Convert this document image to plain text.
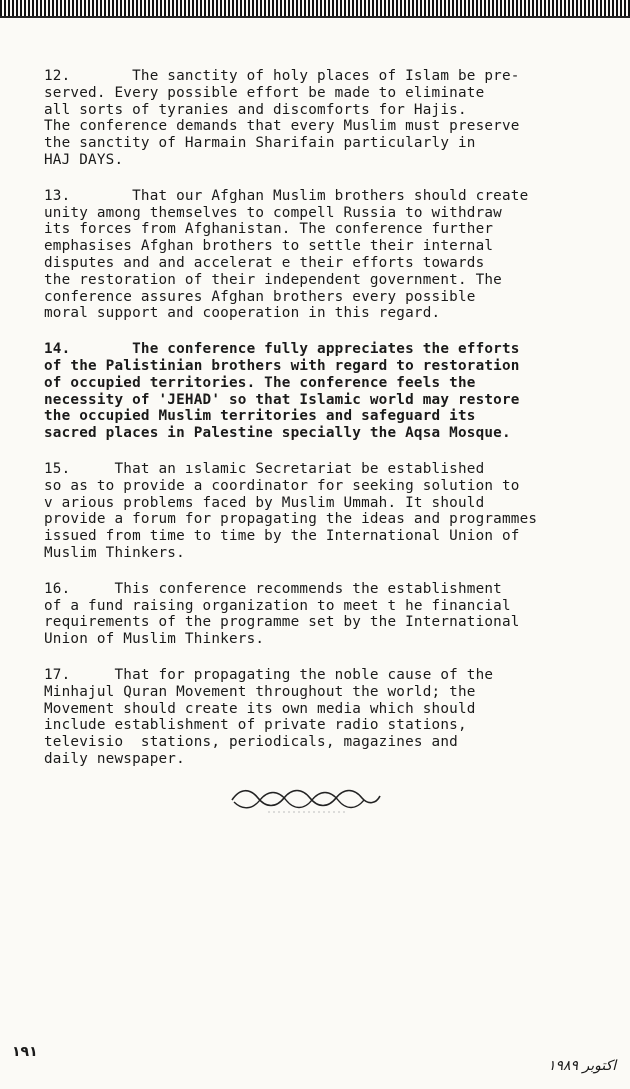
12.       The sanctity of holy places of Islam be pre-
served. Every possible effort be made to eliminate
all sorts of tyranies and discomforts for Hajis.
The conference demands that every Muslim must preserve
the sanctity of Harmain Sharifain particularly in
HAJ DAYS.
13.       That our Afghan Muslim brothers should create
unity among themselves to compell Russia to withdraw
its forces from Afghanistan. The conference further
emphasises Afghan brothers to settle their internal
disputes and and accelerat e their efforts towards
the restoration of their independent government. The
conference assures Afghan brothers every possible
moral support and cooperation in this regard.
14.       The conference fully appreciates the efforts
of the Palistinian brothers with regard to restoration
of occupied territories. The conference feels the
necessity of 'JEHAD' so that Islamic world may restore
the occupied Muslim territories and safeguard its
sacred places in Palestine specially the Aqsa Mosque.
15.     That an ıslamic Secretariat be established
so as to provide a coordinator for seeking solution to
v arious problems faced by Muslim Ummah. It should
provide a forum for propagating the ideas and programmes
issued from time to time by the International Union of
Muslim Thinkers.
16.     This conference recommends the establishment
of a fund raising organization to meet t he financial
requirements of the programme set by the International
Union of Muslim Thinkers.
17.     That for propagating the noble cause of the
Minhajul Quran Movement throughout the world; the
Movement should create its own media which should
include establishment of private radio stations,
televisio  stations, periodicals, magazines and
daily newspaper.
١٩١
اکتوبر ۱۹۸۹
